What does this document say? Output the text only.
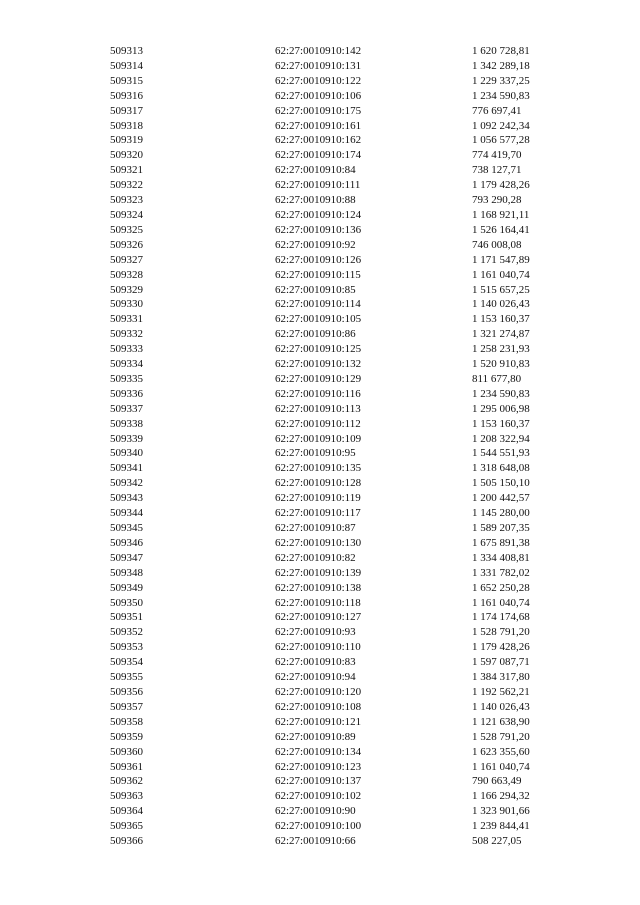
509313	62:27:0010910:142	1 620 728,81
509314	62:27:0010910:131	1 342 289,18
509315	62:27:0010910:122	1 229 337,25
509316	62:27:0010910:106	1 234 590,83
509317	62:27:0010910:175	776 697,41
509318	62:27:0010910:161	1 092 242,34
509319	62:27:0010910:162	1 056 577,28
509320	62:27:0010910:174	774 419,70
509321	62:27:0010910:84	738 127,71
509322	62:27:0010910:111	1 179 428,26
509323	62:27:0010910:88	793 290,28
509324	62:27:0010910:124	1 168 921,11
509325	62:27:0010910:136	1 526 164,41
509326	62:27:0010910:92	746 008,08
509327	62:27:0010910:126	1 171 547,89
509328	62:27:0010910:115	1 161 040,74
509329	62:27:0010910:85	1 515 657,25
509330	62:27:0010910:114	1 140 026,43
509331	62:27:0010910:105	1 153 160,37
509332	62:27:0010910:86	1 321 274,87
509333	62:27:0010910:125	1 258 231,93
509334	62:27:0010910:132	1 520 910,83
509335	62:27:0010910:129	811 677,80
509336	62:27:0010910:116	1 234 590,83
509337	62:27:0010910:113	1 295 006,98
509338	62:27:0010910:112	1 153 160,37
509339	62:27:0010910:109	1 208 322,94
509340	62:27:0010910:95	1 544 551,93
509341	62:27:0010910:135	1 318 648,08
509342	62:27:0010910:128	1 505 150,10
509343	62:27:0010910:119	1 200 442,57
509344	62:27:0010910:117	1 145 280,00
509345	62:27:0010910:87	1 589 207,35
509346	62:27:0010910:130	1 675 891,38
509347	62:27:0010910:82	1 334 408,81
509348	62:27:0010910:139	1 331 782,02
509349	62:27:0010910:138	1 652 250,28
509350	62:27:0010910:118	1 161 040,74
509351	62:27:0010910:127	1 174 174,68
509352	62:27:0010910:93	1 528 791,20
509353	62:27:0010910:110	1 179 428,26
509354	62:27:0010910:83	1 597 087,71
509355	62:27:0010910:94	1 384 317,80
509356	62:27:0010910:120	1 192 562,21
509357	62:27:0010910:108	1 140 026,43
509358	62:27:0010910:121	1 121 638,90
509359	62:27:0010910:89	1 528 791,20
509360	62:27:0010910:134	1 623 355,60
509361	62:27:0010910:123	1 161 040,74
509362	62:27:0010910:137	790 663,49
509363	62:27:0010910:102	1 166 294,32
509364	62:27:0010910:90	1 323 901,66
509365	62:27:0010910:100	1 239 844,41
509366	62:27:0010910:66	508 227,05
